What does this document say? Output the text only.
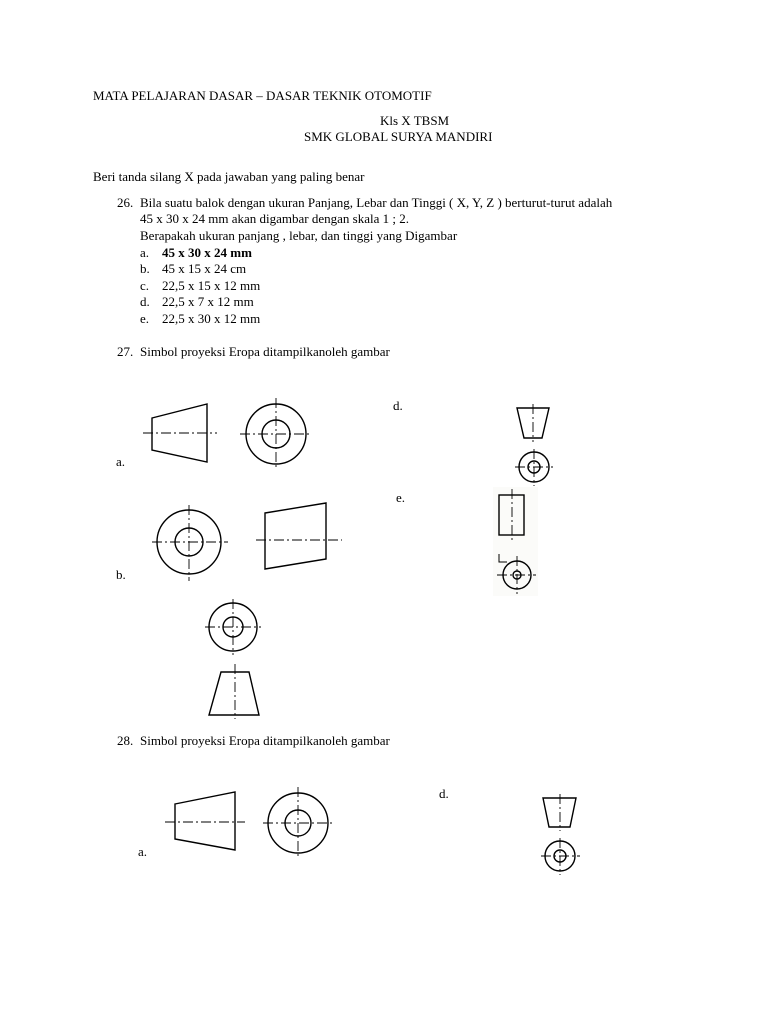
MATA PELAJARAN DASAR – DASAR TEKNIK OTOMOTIF
Kls X TBSM
SMK GLOBAL SURYA MANDIRI
Beri tanda silang X pada jawaban yang paling benar
26. Bila suatu balok dengan ukuran Panjang, Lebar dan Tinggi ( X, Y, Z ) berturut-turut adalah
45 x 30 x 24 mm akan digambar dengan skala 1 ; 2.
Berapakah ukuran panjang , lebar, dan tinggi yang Digambar
a. 45 x 30 x 24 mm
b. 45 x 15 x 24 cm
c. 22,5 x 15 x 12 mm
d. 22,5 x 7 x 12 mm
e. 22,5 x 30 x 12 mm
27. Simbol proyeksi Eropa ditampilkanoleh gambar
a.
b.
d.
e.
28. Simbol proyeksi Eropa ditampilkanoleh gambar
a.
d.
